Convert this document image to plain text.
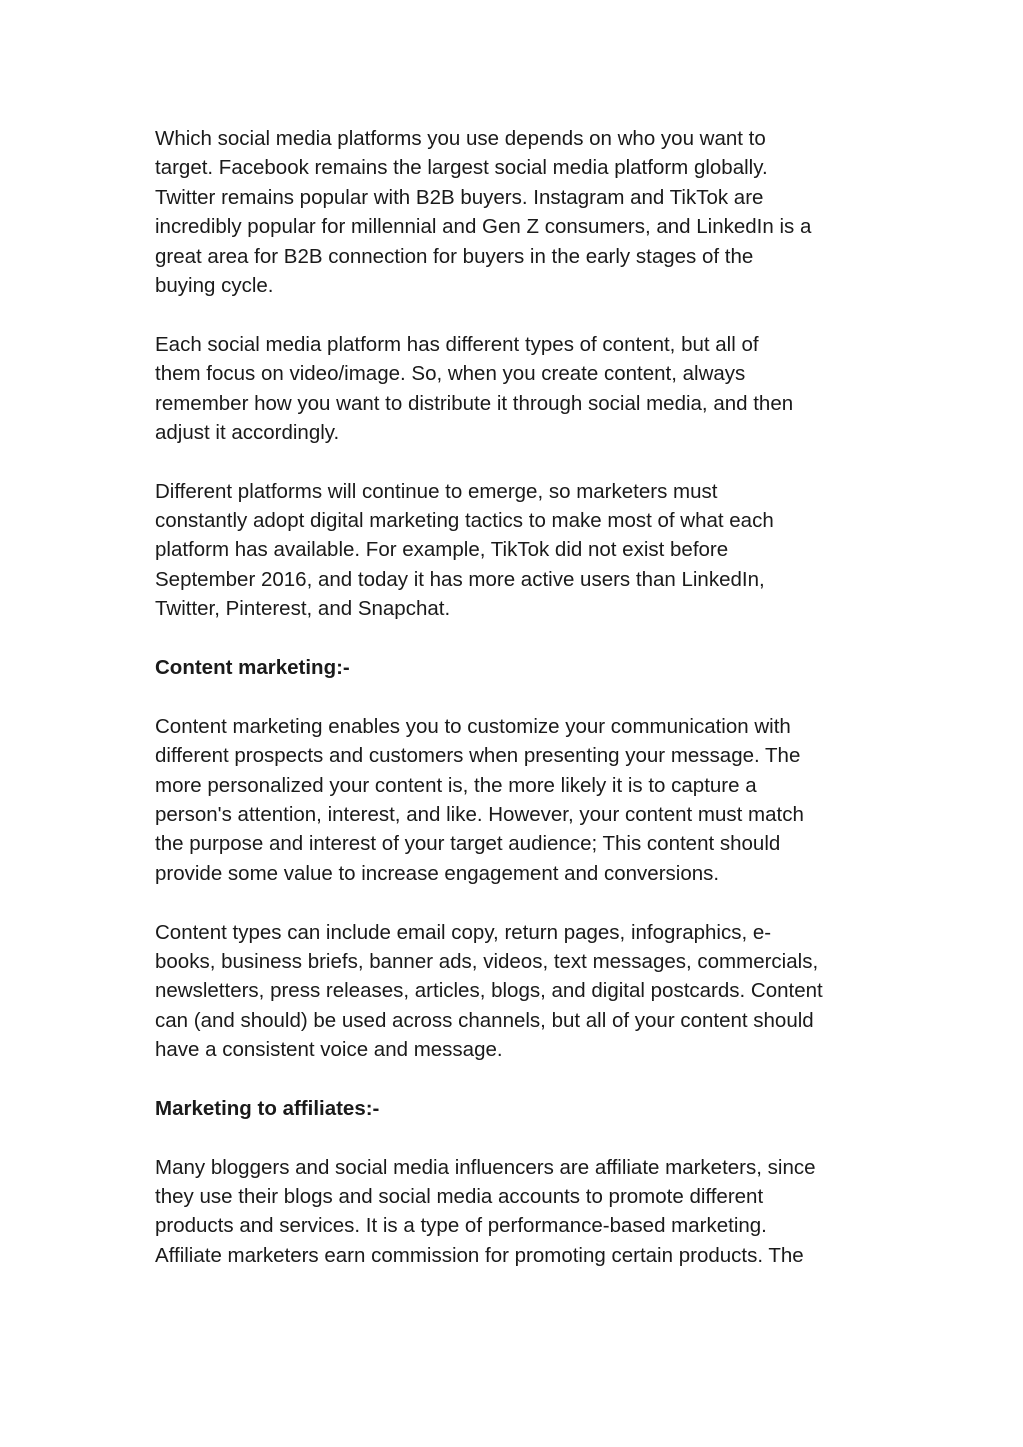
Which social media platforms you use depends on who you want to
target. Facebook remains the largest social media platform globally.
Twitter remains popular with B2B buyers. Instagram and TikTok are
incredibly popular for millennial and Gen Z consumers, and LinkedIn is a
great area for B2B connection for buyers in the early stages of the
buying cycle.
Each social media platform has different types of content, but all of
them focus on video/image. So, when you create content, always
remember how you want to distribute it through social media, and then
adjust it accordingly.
Different platforms will continue to emerge, so marketers must
constantly adopt digital marketing tactics to make most of what each
platform has available. For example, TikTok did not exist before
September 2016, and today it has more active users than LinkedIn,
Twitter, Pinterest, and Snapchat.
Content marketing:-
Content marketing enables you to customize your communication with
different prospects and customers when presenting your message. The
more personalized your content is, the more likely it is to capture a
person's attention, interest, and like. However, your content must match
the purpose and interest of your target audience; This content should
provide some value to increase engagement and conversions.
Content types can include email copy, return pages, infographics, e-
books, business briefs, banner ads, videos, text messages, commercials,
newsletters, press releases, articles, blogs, and digital postcards. Content
can (and should) be used across channels, but all of your content should
have a consistent voice and message.
Marketing to affiliates:-
Many bloggers and social media influencers are affiliate marketers, since
they use their blogs and social media accounts to promote different
products and services. It is a type of performance-based marketing.
Affiliate marketers earn commission for promoting certain products. The
